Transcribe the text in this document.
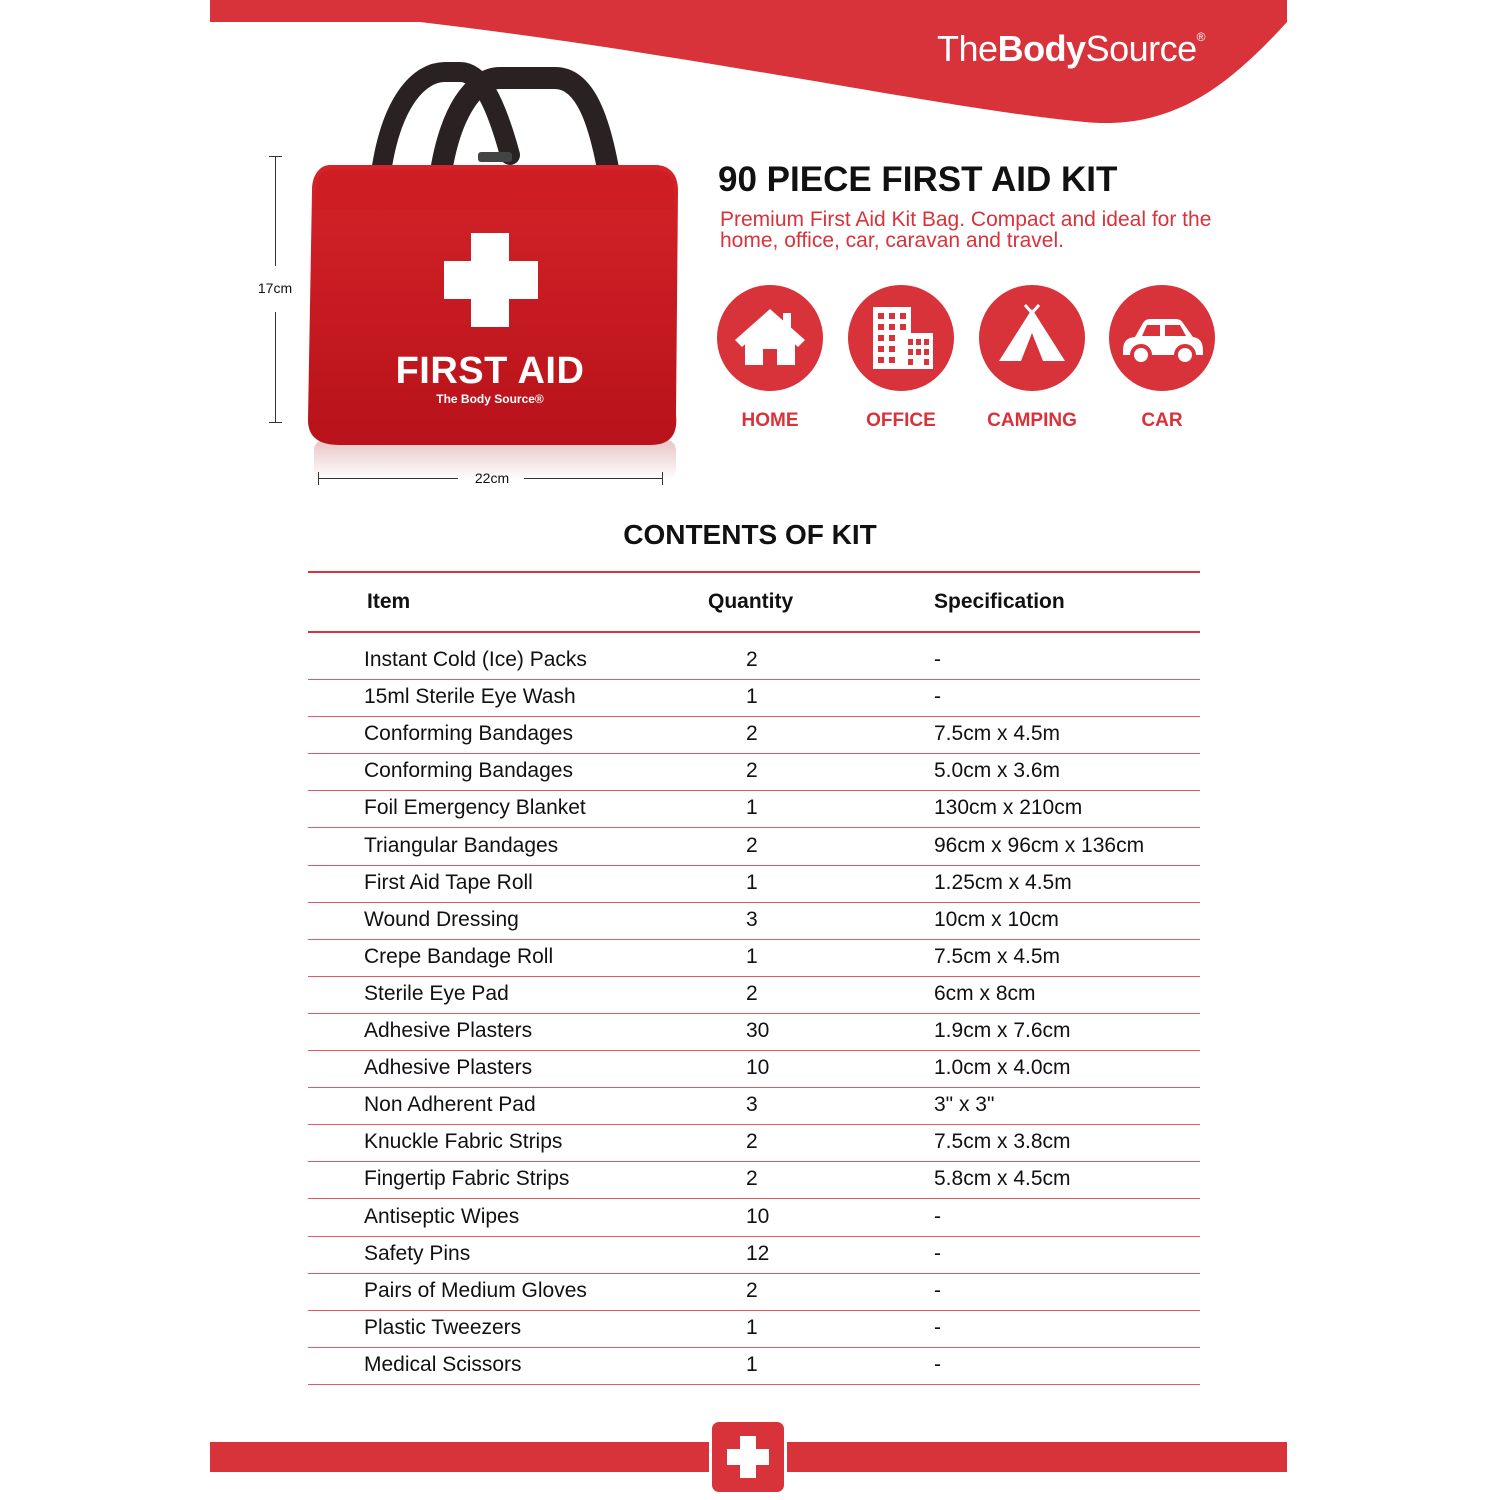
TheBodySource®
FIRST AID
The Body Source®
17cm
22cm
90 PIECE FIRST AID KIT
Premium First Aid Kit Bag. Compact and ideal for the home, office, car, caravan and travel.
HOME	OFFICE	CAMPING	CAR
CONTENTS OF KIT
Item	Quantity	Specification
Instant Cold (Ice) Packs	2	-
15ml Sterile Eye Wash	1	-
Conforming Bandages	2	7.5cm x 4.5m
Conforming Bandages	2	5.0cm x 3.6m
Foil Emergency Blanket	1	130cm x 210cm
Triangular Bandages	2	96cm x 96cm x 136cm
First Aid Tape Roll	1	1.25cm x 4.5m
Wound Dressing	3	10cm x 10cm
Crepe Bandage Roll	1	7.5cm x 4.5m
Sterile Eye Pad	2	6cm x 8cm
Adhesive Plasters	30	1.9cm x 7.6cm
Adhesive Plasters	10	1.0cm x 4.0cm
Non Adherent Pad	3	3" x 3"
Knuckle Fabric Strips	2	7.5cm x 3.8cm
Fingertip Fabric Strips	2	5.8cm x 4.5cm
Antiseptic Wipes	10	-
Safety Pins	12	-
Pairs of Medium Gloves	2	-
Plastic Tweezers	1	-
Medical Scissors	1	-
